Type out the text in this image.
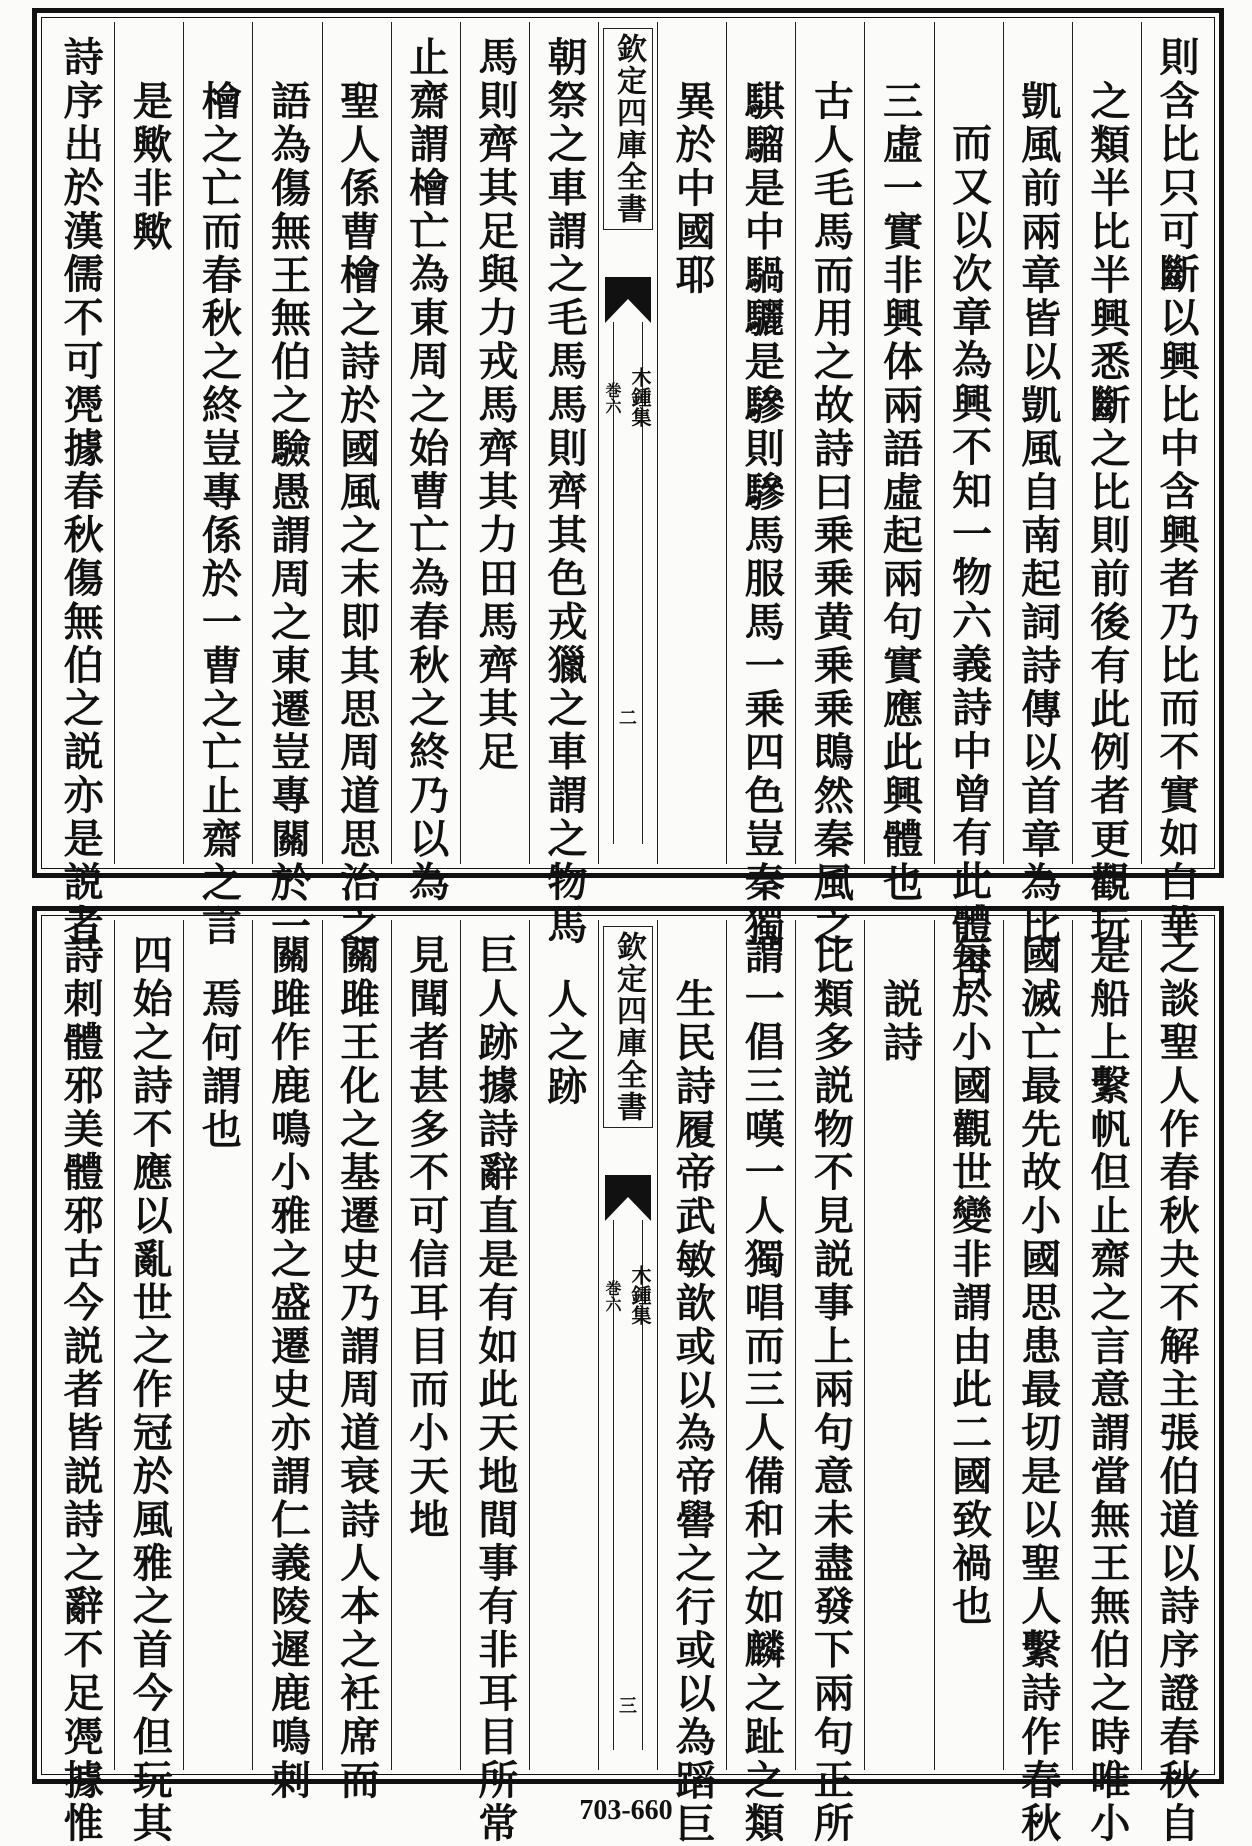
則含比只可斷以興比中含興者乃比而不實如白華
之類半比半興悉斷之比則前後有此例者更觀玩
凱風前兩章皆以凱風自南起詞詩傳以首章為比
而又以次章為興不知一物六義詩中曾有此體否
三虛一實非興体兩語虛起兩句實應此興體也
古人毛馬而用之故詩曰乗乗黄乗乗鵖然秦風之
騏騮是中騧驪是驂則驂馬服馬一乗四色豈秦獨
異於中國耶
欽定四庫全書
木鍾集
巻六
二
朝祭之車謂之毛馬馬則齊其色戎獵之車謂之物馬
馬則齊其足與力戎馬齊其力田馬齊其足
止齋謂檜亡為東周之始曹亡為春秋之終乃以為
聖人係曹檜之詩於國風之末即其思周道思治之
語為傷無王無伯之驗愚謂周之東遷豈專關於一
檜之亡而春秋之終豈專係於一曹之亡止齋之言
是歟非歟
詩序出於漢儒不可凴據春秋傷無伯之説亦是説者
之談聖人作春秋夬不解主張伯道以詩序證春秋自
是船上繫帆但止齋之言意謂當無王無伯之時唯小
國滅亡最先故小國思患最切是以聖人繫詩作春秋
每於小國觀世變非謂由此二國致禍也
説詩
比類多説物不見説事上兩句意未盡發下兩句正所
謂一倡三嘆一人獨唱而三人備和之如麟之趾之類
生民詩履帝武敏歆或以為帝嚳之行或以為蹈巨
欽定四庫全書
木鍾集
巻六
三
人之跡
巨人跡據詩辭直是有如此天地間事有非耳目所常
見聞者甚多不可信耳目而小天地
關雎王化之基遷史乃謂周道衰詩人本之衽席而
關雎作鹿鳴小雅之盛遷史亦謂仁義陵遲鹿鳴刺
焉何謂也
四始之詩不應以亂世之作冠於風雅之首今但玩其
詩刺體邪美體邪古今説者皆説詩之辭不足凴據惟	703-660
